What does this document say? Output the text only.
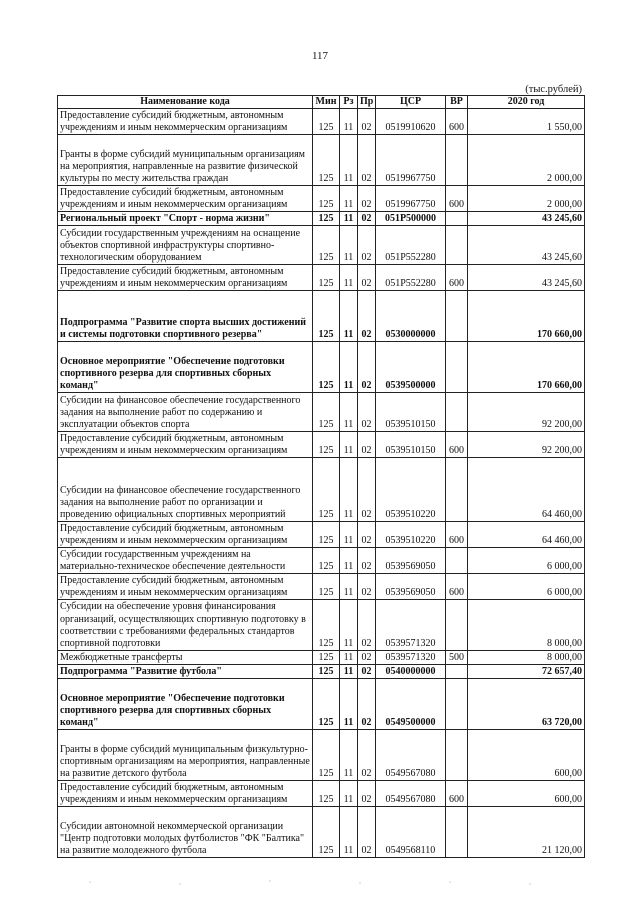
117
(тыс.рублей)
Наименование кода	Мин	Рз	Пр	ЦСР	ВР	2020 год
Предоставление субсидий бюджетным, автономным учреждениям и иным некоммерческим организациям	125	11	02	0519910620	600	1 550,00
Гранты в форме субсидий муниципальным организациям на мероприятия, направленные на развитие физической культуры по месту жительства граждан	125	11	02	0519967750		2 000,00
Предоставление субсидий бюджетным, автономным учреждениям и иным некоммерческим организациям	125	11	02	0519967750	600	2 000,00
Региональный проект "Спорт - норма жизни"	125	11	02	051P500000		43 245,60
Субсидии государственным учреждениям на оснащение объектов спортивной инфраструктуры спортивно-технологическим оборудованием	125	11	02	051P552280		43 245,60
Предоставление субсидий бюджетным, автономным учреждениям и иным некоммерческим организациям	125	11	02	051P552280	600	43 245,60
Подпрограмма "Развитие спорта высших достижений и системы подготовки спортивного резерва"	125	11	02	0530000000		170 660,00
Основное мероприятие "Обеспечение подготовки спортивного резерва для спортивных сборных команд"	125	11	02	0539500000		170 660,00
Субсидии на финансовое обеспечение государственного задания на выполнение работ по содержанию и эксплуатации объектов спорта	125	11	02	0539510150		92 200,00
Предоставление субсидий бюджетным, автономным учреждениям и иным некоммерческим организациям	125	11	02	0539510150	600	92 200,00
Субсидии на финансовое обеспечение государственного задания на выполнение работ по организации и проведению официальных спортивных мероприятий	125	11	02	0539510220		64 460,00
Предоставление субсидий бюджетным, автономным учреждениям и иным некоммерческим организациям	125	11	02	0539510220	600	64 460,00
Субсидии государственным учреждениям на материально-техническое обеспечение деятельности	125	11	02	0539569050		6 000,00
Предоставление субсидий бюджетным, автономным учреждениям и иным некоммерческим организациям	125	11	02	0539569050	600	6 000,00
Субсидии на обеспечение уровня финансирования организаций, осуществляющих спортивную подготовку в соответствии с требованиями федеральных стандартов спортивной подготовки	125	11	02	0539571320		8 000,00
Межбюджетные трансферты	125	11	02	0539571320	500	8 000,00
Подпрограмма "Развитие футбола"	125	11	02	0540000000		72 657,40
Основное мероприятие "Обеспечение подготовки спортивного резерва для спортивных сборных команд"	125	11	02	0549500000		63 720,00
Гранты в форме субсидий муниципальным физкультурно-спортивным организациям на мероприятия, направленные на развитие детского футбола	125	11	02	0549567080		600,00
Предоставление субсидий бюджетным, автономным учреждениям и иным некоммерческим организациям	125	11	02	0549567080	600	600,00
Субсидии автономной некоммерческой организации "Центр подготовки молодых футболистов "ФК "Балтика" на развитие молодежного футбола	125	11	02	0549568110		21 120,00
